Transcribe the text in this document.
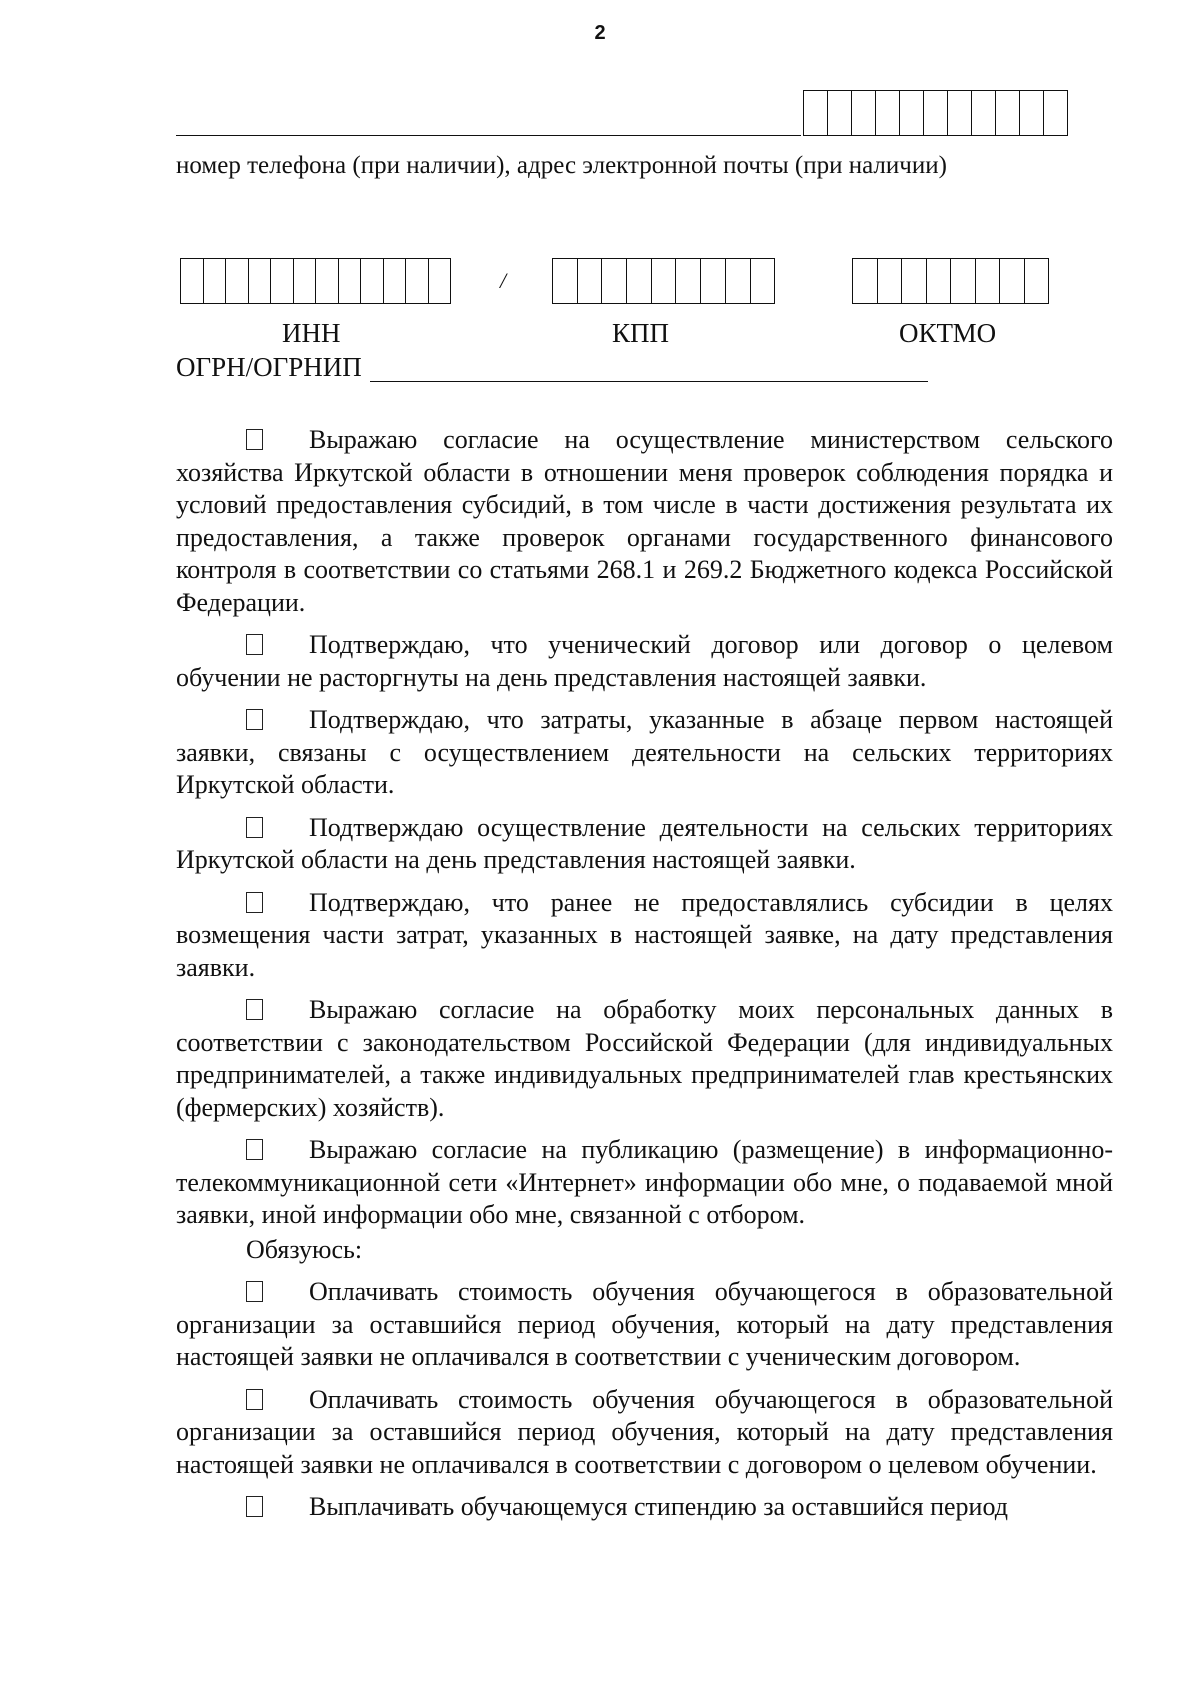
2
номер телефона (при наличии), адрес электронной почты (при наличии)
/
ИНН	КПП	ОКТМО
ОГРН/ОГРНИП

Выражаю согласие на осуществление министерством сельского хозяйства Иркутской области в отношении меня проверок соблюдения порядка и условий предоставления субсидий, в том числе в части достижения результата их предоставления, а также проверок органами государственного финансового контроля в соответствии со статьями 268.1 и 269.2 Бюджетного кодекса Российской Федерации.

Подтверждаю, что ученический договор или договор о целевом обучении не расторгнуты на день представления настоящей заявки.

Подтверждаю, что затраты, указанные в абзаце первом настоящей заявки, связаны с осуществлением деятельности на сельских территориях Иркутской области.

Подтверждаю осуществление деятельности на сельских территориях Иркутской области на день представления настоящей заявки.

Подтверждаю, что ранее не предоставлялись субсидии в целях возмещения части затрат, указанных в настоящей заявке, на дату представления заявки.

Выражаю согласие на обработку моих персональных данных в соответствии с законодательством Российской Федерации (для индивидуальных предпринимателей, а также индивидуальных предпринимателей глав крестьянских (фермерских) хозяйств).

Выражаю согласие на публикацию (размещение) в информационно-телекоммуникационной сети «Интернет» информации обо мне, о подаваемой мной заявки, иной информации обо мне, связанной с отбором.

Обязуюсь:

Оплачивать стоимость обучения обучающегося в образовательной организации за оставшийся период обучения, который на дату представления настоящей заявки не оплачивался в соответствии с ученическим договором.

Оплачивать стоимость обучения обучающегося в образовательной организации за оставшийся период обучения, который на дату представления настоящей заявки не оплачивался в соответствии с договором о целевом обучении.

Выплачивать обучающемуся стипендию за оставшийся период
